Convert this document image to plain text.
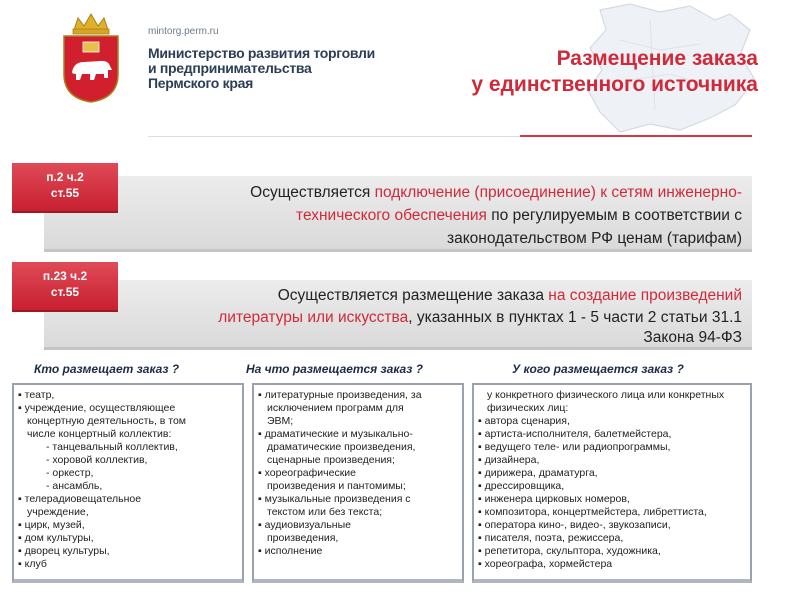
mintorg.perm.ru
Министерство развития торговли
и предпринимательства
Пермского края
Размещение заказа
у единственного источника
Осуществляется подключение (присоединение) к сетям инженерно-
технического обеспечения по регулируемым в соответствии с
законодательством РФ ценам (тарифам)
п.2 ч.2
ст.55
Осуществляется размещение заказа на создание произведений
литературы или искусства, указанных в пунктах 1 - 5 части 2 статьи 31.1
Закона 94-ФЗ
п.23 ч.2
ст.55
Кто размещает заказ ?	На что размещается заказ ?	У кого размещается заказ ?
▪ театр,
▪ учреждение, осуществляющее
концертную деятельность, в том
числе концертный коллектив:
- танцевальный коллектив,
- хоровой коллектив,
- оркестр,
- ансамбль,
▪ телерадиовещательное
учреждение,
▪ цирк, музей,
▪ дом культуры,
▪ дворец культуры,
▪ клуб
▪ литературные произведения, за
исключением программ для
ЭВМ;
▪ драматические и музыкально-
драматические произведения,
сценарные произведения;
▪ хореографические
произведения и пантомимы;
▪ музыкальные произведения с
текстом или без текста;
▪ аудиовизуальные
произведения,
▪ исполнение
у конкретного физического лица или конкретных
физических лиц:
▪ автора сценария,
▪ артиста-исполнителя, балетмейстера,
▪ ведущего теле- или радиопрограммы,
▪ дизайнера,
▪ дирижера, драматурга,
▪ дрессировщика,
▪ инженера цирковых номеров,
▪ композитора, концертмейстера, либреттиста,
▪ оператора кино-, видео-, звукозаписи,
▪ писателя, поэта, режиссера,
▪ репетитора, скульптора, художника,
▪ хореографа, хормейстера
